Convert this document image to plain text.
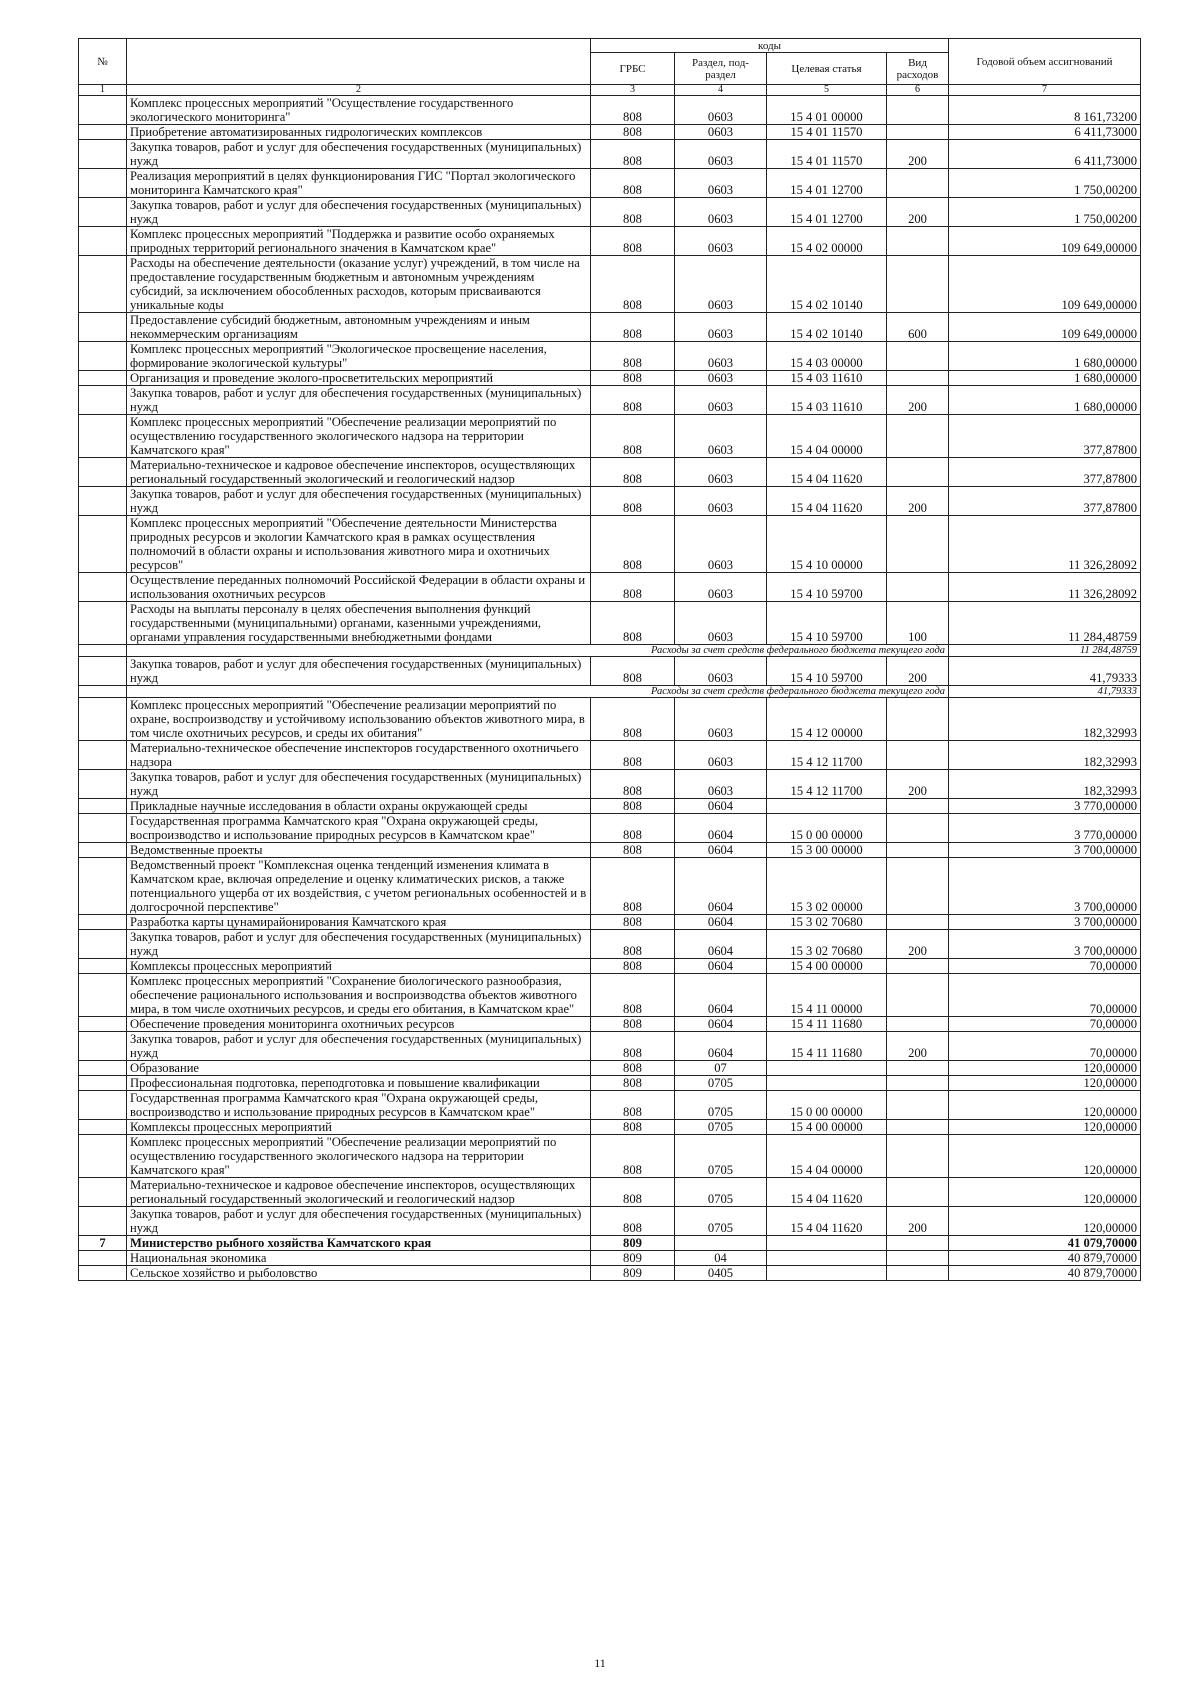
№		коды				Годовой объем ассигнований
		ГРБС	Раздел, под-раздел	Целевая статья	Вид расходов	
1	2	3	4	5	6	7
	Комплекс процессных мероприятий "Осуществление государственного экологического мониторинга"	808	0603	15 4 01 00000		8 161,73200
	Приобретение автоматизированных гидрологических комплексов	808	0603	15 4 01 11570		6 411,73000
	Закупка товаров, работ и услуг для обеспечения государственных (муниципальных) нужд	808	0603	15 4 01 11570	200	6 411,73000
	Реализация мероприятий в целях функционирования ГИС "Портал экологического мониторинга Камчатского края"	808	0603	15 4 01 12700		1 750,00200
	Закупка товаров, работ и услуг для обеспечения государственных (муниципальных) нужд	808	0603	15 4 01 12700	200	1 750,00200
	Комплекс процессных мероприятий "Поддержка и развитие особо охраняемых природных территорий регионального значения в Камчатском крае"	808	0603	15 4 02 00000		109 649,00000
	Расходы на обеспечение деятельности (оказание услуг) учреждений, в том числе на предоставление государственным бюджетным и автономным учреждениям субсидий, за исключением обособленных расходов, которым присваиваются уникальные коды	808	0603	15 4 02 10140		109 649,00000
	Предоставление субсидий бюджетным, автономным учреждениям и иным некоммерческим организациям	808	0603	15 4 02 10140	600	109 649,00000
	Комплекс процессных мероприятий "Экологическое просвещение населения, формирование экологической культуры"	808	0603	15 4 03 00000		1 680,00000
	Организация и проведение эколого-просветительских мероприятий	808	0603	15 4 03 11610		1 680,00000
	Закупка товаров, работ и услуг для обеспечения государственных (муниципальных) нужд	808	0603	15 4 03 11610	200	1 680,00000
	Комплекс процессных мероприятий "Обеспечение реализации мероприятий по осуществлению государственного экологического надзора на территории Камчатского края"	808	0603	15 4 04 00000		377,87800
	Материально-техническое и кадровое обеспечение инспекторов, осуществляющих региональный государственный экологический и геологический надзор	808	0603	15 4 04 11620		377,87800
	Закупка товаров, работ и услуг для обеспечения государственных (муниципальных) нужд	808	0603	15 4 04 11620	200	377,87800
	Комплекс процессных мероприятий "Обеспечение деятельности Министерства природных ресурсов и экологии Камчатского края в рамках осуществления полномочий в области охраны и использования животного мира и охотничьих ресурсов"	808	0603	15 4 10 00000		11 326,28092
	Осуществление переданных полномочий Российской Федерации в области охраны и использования охотничьих ресурсов	808	0603	15 4 10 59700		11 326,28092
	Расходы на выплаты персоналу в целях обеспечения выполнения функций государственными (муниципальными) органами, казенными учреждениями, органами управления государственными внебюджетными фондами	808	0603	15 4 10 59700	100	11 284,48759
	Расходы за счет средств федерального бюджета текущего года					11 284,48759
	Закупка товаров, работ и услуг для обеспечения государственных (муниципальных) нужд	808	0603	15 4 10 59700	200	41,79333
	Расходы за счет средств федерального бюджета текущего года					41,79333
	Комплекс процессных мероприятий "Обеспечение реализации мероприятий по охране, воспроизводству и устойчивому использованию объектов животного мира, в том числе охотничьих ресурсов, и среды их обитания"	808	0603	15 4 12 00000		182,32993
	Материально-техническое обеспечение инспекторов государственного охотничьего надзора	808	0603	15 4 12 11700		182,32993
	Закупка товаров, работ и услуг для обеспечения государственных (муниципальных) нужд	808	0603	15 4 12 11700	200	182,32993
	Прикладные научные исследования в области охраны окружающей среды	808	0604			3 770,00000
	Государственная программа Камчатского края "Охрана окружающей среды, воспроизводство и использование природных ресурсов в Камчатском крае"	808	0604	15 0 00 00000		3 770,00000
	Ведомственные проекты	808	0604	15 3 00 00000		3 700,00000
	Ведомственный проект "Комплексная оценка тенденций изменения климата в Камчатском крае, включая определение и оценку климатических рисков, а также потенциального ущерба от их воздействия, с учетом региональных особенностей и в долгосрочной перспективе"	808	0604	15 3 02 00000		3 700,00000
	Разработка карты цунамирайонирования Камчатского края	808	0604	15 3 02 70680		3 700,00000
	Закупка товаров, работ и услуг для обеспечения государственных (муниципальных) нужд	808	0604	15 3 02 70680	200	3 700,00000
	Комплексы процессных мероприятий	808	0604	15 4 00 00000		70,00000
	Комплекс процессных мероприятий "Сохранение биологического разнообразия, обеспечение рационального использования и воспроизводства объектов животного мира, в том числе охотничьих ресурсов, и среды его обитания, в Камчатском крае"	808	0604	15 4 11 00000		70,00000
	Обеспечение проведения мониторинга охотничьих ресурсов	808	0604	15 4 11 11680		70,00000
	Закупка товаров, работ и услуг для обеспечения государственных (муниципальных) нужд	808	0604	15 4 11 11680	200	70,00000
	Образование	808	07			120,00000
	Профессиональная подготовка, переподготовка и повышение квалификации	808	0705			120,00000
	Государственная программа Камчатского края "Охрана окружающей среды, воспроизводство и использование природных ресурсов в Камчатском крае"	808	0705	15 0 00 00000		120,00000
	Комплексы процессных мероприятий	808	0705	15 4 00 00000		120,00000
	Комплекс процессных мероприятий "Обеспечение реализации мероприятий по осуществлению государственного экологического надзора на территории Камчатского края"	808	0705	15 4 04 00000		120,00000
	Материально-техническое и кадровое обеспечение инспекторов, осуществляющих региональный государственный экологический и геологический надзор	808	0705	15 4 04 11620		120,00000
	Закупка товаров, работ и услуг для обеспечения государственных (муниципальных) нужд	808	0705	15 4 04 11620	200	120,00000
7	Министерство рыбного хозяйства Камчатского края	809				41 079,70000
	Национальная экономика	809	04			40 879,70000
	Сельское хозяйство и рыболовство	809	0405			40 879,70000
11
